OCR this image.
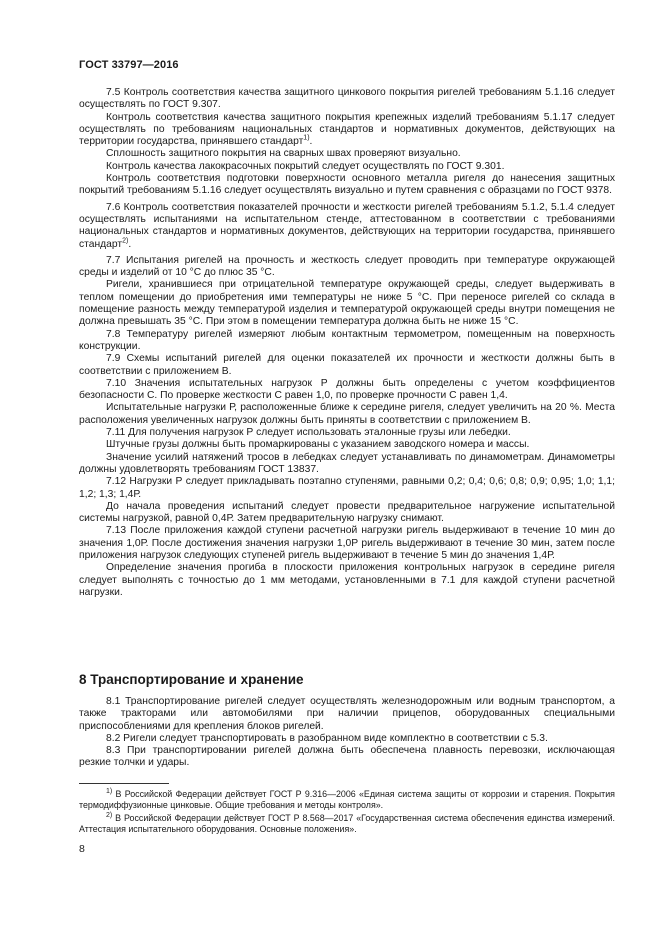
ГОСТ 33797—2016

7.5 Контроль соответствия качества защитного цинкового покрытия ригелей требованиям 5.1.16 следует осуществлять по ГОСТ 9.307.

Контроль соответствия качества защитного покрытия крепежных изделий требованиям 5.1.17 следует осуществлять по требованиям национальных стандартов и нормативных документов, действующих на территории государства, принявшего стандарт$^{1)}$.

Сплошность защитного покрытия на сварных швах проверяют визуально.

Контроль качества лакокрасочных покрытий следует осуществлять по ГОСТ 9.301.

Контроль соответствия подготовки поверхности основного металла ригеля до нанесения защитных покрытий требованиям 5.1.16 следует осуществлять визуально и путем сравнения с образцами по ГОСТ 9378.

7.6 Контроль соответствия показателей прочности и жесткости ригелей требованиям 5.1.2, 5.1.4 следует осуществлять испытаниями на испытательном стенде, аттестованном в соответствии с требованиями национальных стандартов и нормативных документов, действующих на территории государства, принявшего стандарт$^{2)}$.

7.7 Испытания ригелей на прочность и жесткость следует проводить при температуре окружающей среды и изделий от 10 °С до плюс 35 °С.

Ригели, хранившиеся при отрицательной температуре окружающей среды, следует выдерживать в теплом помещении до приобретения ими температуры не ниже 5 °С. При переносе ригелей со склада в помещение разность между температурой изделия и температурой окружающей среды внутри помещения не должна превышать 35 °С. При этом в помещении температура должна быть не ниже 15 °С.

7.8 Температуру ригелей измеряют любым контактным термометром, помещенным на поверхность конструкции.

7.9 Схемы испытаний ригелей для оценки показателей их прочности и жесткости должны быть в соответствии с приложением В.

7.10 Значения испытательных нагрузок Р должны быть определены с учетом коэффициентов безопасности С. По проверке жесткости С равен 1,0, по проверке прочности С равен 1,4.

Испытательные нагрузки Р, расположенные ближе к середине ригеля, следует увеличить на 20 %. Места расположения увеличенных нагрузок должны быть приняты в соответствии с приложением В.

7.11 Для получения нагрузок Р следует использовать эталонные грузы или лебедки.

Штучные грузы должны быть промаркированы с указанием заводского номера и массы.

Значение усилий натяжений тросов в лебедках следует устанавливать по динамометрам. Динамометры должны удовлетворять требованиям ГОСТ 13837.

7.12 Нагрузки Р следует прикладывать поэтапно ступенями, равными 0,2; 0,4; 0,6; 0,8; 0,9; 0,95; 1,0; 1,1; 1,2; 1,3; 1,4Р.

До начала проведения испытаний следует провести предварительное нагружение испытательной системы нагрузкой, равной 0,4Р. Затем предварительную нагрузку снимают.

7.13 После приложения каждой ступени расчетной нагрузки ригель выдерживают в течение 10 мин до значения 1,0Р. После достижения значения нагрузки 1,0Р ригель выдерживают в течение 30 мин, затем после приложения нагрузок следующих ступеней ригель выдерживают в течение 5 мин до значения 1,4Р.

Определение значения прогиба в плоскости приложения контрольных нагрузок в середине ригеля следует выполнять с точностью до 1 мм методами, установленными в 7.1 для каждой ступени расчетной нагрузки.

8 Транспортирование и хранение

8.1 Транспортирование ригелей следует осуществлять железнодорожным или водным транспортом, а также тракторами или автомобилями при наличии прицепов, оборудованных специальными приспособлениями для крепления блоков ригелей.

8.2 Ригели следует транспортировать в разобранном виде комплектно в соответствии с 5.3.

8.3 При транспортировании ригелей должна быть обеспечена плавность перевозки, исключающая резкие толчки и удары.

$^{1)}$ В Российской Федерации действует ГОСТ Р 9.316—2006 «Единая система защиты от коррозии и старения. Покрытия термодиффузионные цинковые. Общие требования и методы контроля».

$^{2)}$ В Российской Федерации действует ГОСТ Р 8.568—2017 «Государственная система обеспечения единства измерений. Аттестация испытательного оборудования. Основные положения».

8
